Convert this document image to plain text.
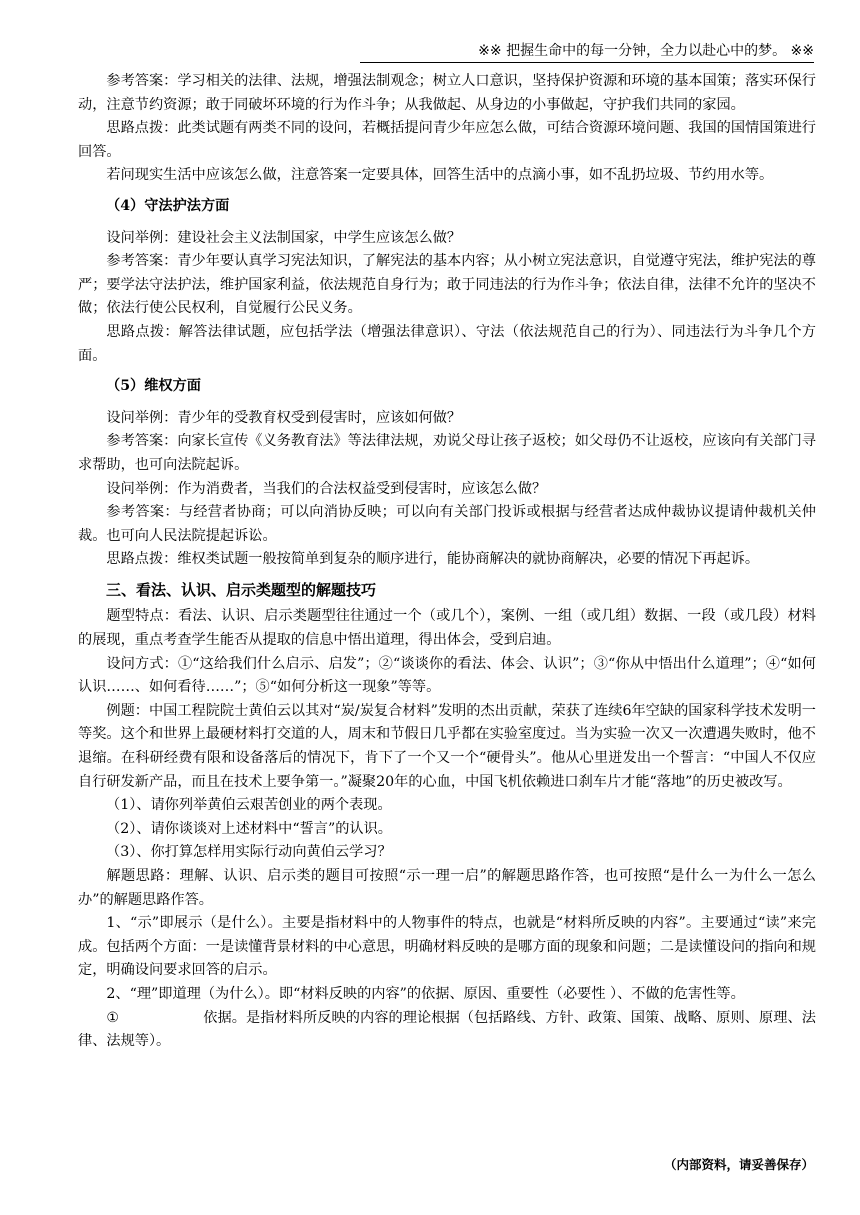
※※ 把握生命中的每一分钟，全力以赴心中的梦。 ※※

参考答案：学习相关的法律、法规，增强法制观念；树立人口意识，坚持保护资源和环境的基本国策；落实环保行动，注意节约资源；敢于同破坏环境的行为作斗争；从我做起、从身边的小事做起，守护我们共同的家园。

思路点拨：此类试题有两类不同的设问，若概括提问青少年应怎么做，可结合资源环境问题、我国的国情国策进行回答。

若问现实生活中应该怎么做，注意答案一定要具体，回答生活中的点滴小事，如不乱扔垃圾、节约用水等。

（4）守法护法方面

设问举例：建设社会主义法制国家，中学生应该怎么做？

参考答案：青少年要认真学习宪法知识，了解宪法的基本内容；从小树立宪法意识，自觉遵守宪法，维护宪法的尊严；要学法守法护法，维护国家利益，依法规范自身行为；敢于同违法的行为作斗争；依法自律，法律不允许的坚决不做；依法行使公民权利，自觉履行公民义务。

思路点拨：解答法律试题，应包括学法（增强法律意识）、守法（依法规范自己的行为）、同违法行为斗争几个方面。

（5）维权方面

设问举例：青少年的受教育权受到侵害时，应该如何做？

参考答案：向家长宣传《义务教育法》等法律法规，劝说父母让孩子返校；如父母仍不让返校，应该向有关部门寻求帮助，也可向法院起诉。

设问举例：作为消费者，当我们的合法权益受到侵害时，应该怎么做？

参考答案：与经营者协商；可以向消协反映；可以向有关部门投诉或根据与经营者达成仲裁协议提请仲裁机关仲裁。也可向人民法院提起诉讼。

思路点拨：维权类试题一般按简单到复杂的顺序进行，能协商解决的就协商解决，必要的情况下再起诉。

三、看法、认识、启示类题型的解题技巧

题型特点：看法、认识、启示类题型往往通过一个（或几个），案例、一组（或几组）数据、一段（或几段）材料的展现，重点考查学生能否从提取的信息中悟出道理，得出体会，受到启迪。

设问方式：①“这给我们什么启示、启发”；②“谈谈你的看法、体会、认识”；③“你从中悟出什么道理”；④“如何认识……、如何看待……”；⑤“如何分析这一现象”等等。

例题：中国工程院院士黄伯云以其对“炭/炭复合材料”发明的杰出贡献，荣获了连续6年空缺的国家科学技术发明一等奖。这个和世界上最硬材料打交道的人，周末和节假日几乎都在实验室度过。当为实验一次又一次遭遇失败时，他不退缩。在科研经费有限和设备落后的情况下，肯下了一个又一个“硬骨头”。他从心里迸发出一个誓言：“中国人不仅应自行研发新产品，而且在技术上要争第一。”凝聚20年的心血，中国飞机依赖进口刹车片才能“落地”的历史被改写。

（1）、请你列举黄伯云艰苦创业的两个表现。

（2）、请你谈谈对上述材料中“誓言”的认识。

（3）、你打算怎样用实际行动向黄伯云学习？

解题思路：理解、认识、启示类的题目可按照“示一理一启”的解题思路作答，也可按照“是什么一为什么一怎么办”的解题思路作答。

1、“示”即展示（是什么）。主要是指材料中的人物事件的特点，也就是“材料所反映的内容”。主要通过“读”来完成。包括两个方面：一是读懂背景材料的中心意思，明确材料反映的是哪方面的现象和问题；二是读懂设问的指向和规定，明确设问要求回答的启示。

2、“理”即道理（为什么）。即“材料反映的内容”的依据、原因、重要性（必要性 ）、不做的危害性等。

①	依据。是指材料所反映的内容的理论根据（包括路线、方针、政策、国策、战略、原则、原理、法律、法规等）。

（内部资料，请妥善保存）
